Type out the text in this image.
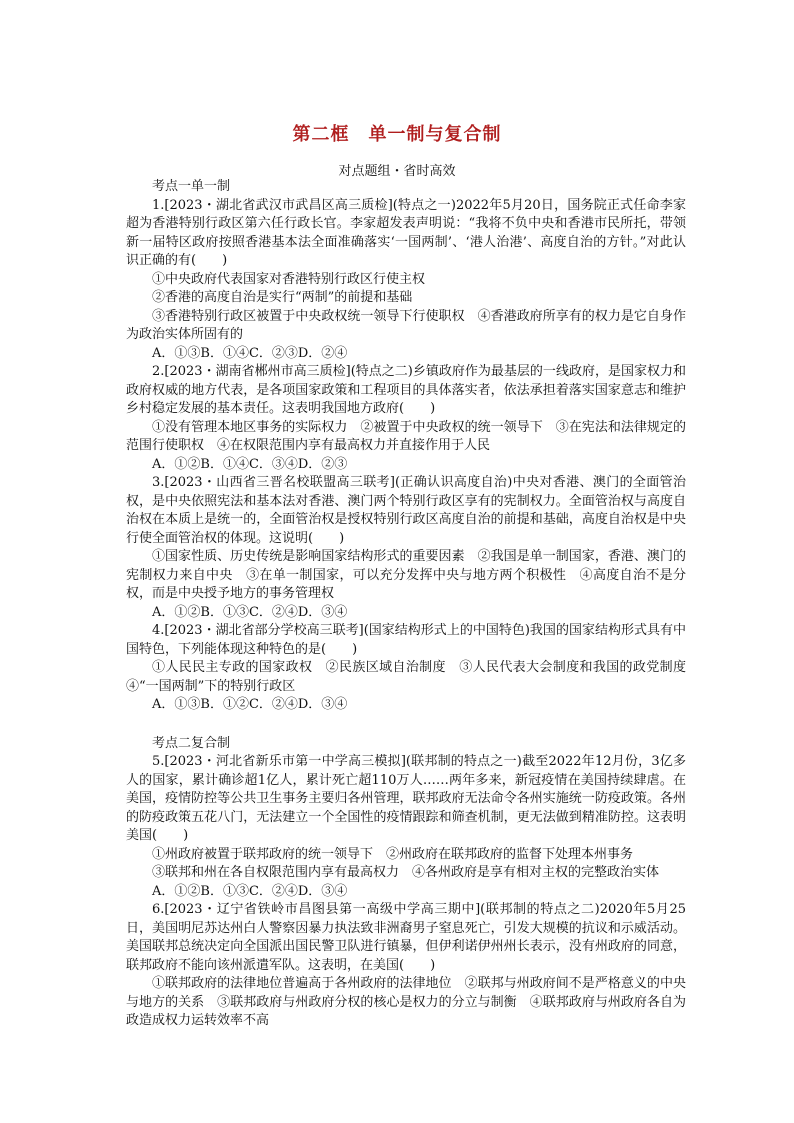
第二框　单一制与复合制
对点题组・省时高效

考点一单一制

1.[2023・湖北省武汉市武昌区高三质检](特点之一)2022年5月20日，国务院正式任命李家超为香港特别行政区第六任行政长官。李家超发表声明说：“我将不负中央和香港市民所托，带领新一届特区政府按照香港基本法全面准确落实‘一国两制’、‘港人治港’、高度自治的方针。”对此认识正确的有(　　)

①中央政府代表国家对香港特别行政区行使主权

②香港的高度自治是实行“两制”的前提和基础

③香港特别行政区被置于中央政权统一领导下行使职权　④香港政府所享有的权力是它自身作为政治实体所固有的

A．①③B．①④C．②③D．②④

2.[2023・湖南省郴州市高三质检](特点之二)乡镇政府作为最基层的一线政府，是国家权力和政府权威的地方代表，是各项国家政策和工程项目的具体落实者，依法承担着落实国家意志和维护乡村稳定发展的基本责任。这表明我国地方政府(　　)

①没有管理本地区事务的实际权力　②被置于中央政权的统一领导下　③在宪法和法律规定的范围行使职权　④在权限范围内享有最高权力并直接作用于人民

A．①②B．①④C．③④D．②③

3.[2023・山西省三晋名校联盟高三联考](正确认识高度自治)中央对香港、澳门的全面管治权，是中央依照宪法和基本法对香港、澳门两个特别行政区享有的宪制权力。全面管治权与高度自治权在本质上是统一的，全面管治权是授权特别行政区高度自治的前提和基础，高度自治权是中央行使全面管治权的体现。这说明(　　)

①国家性质、历史传统是影响国家结构形式的重要因素　②我国是单一制国家，香港、澳门的宪制权力来自中央　③在单一制国家，可以充分发挥中央与地方两个积极性　④高度自治不是分权，而是中央授予地方的事务管理权

A．①②B．①③C．②④D．③④

4.[2023・湖北省部分学校高三联考](国家结构形式上的中国特色)我国的国家结构形式具有中国特色，下列能体现这种特色的是(　　)

①人民民主专政的国家政权　②民族区域自治制度　③人民代表大会制度和我国的政党制度　④“一国两制”下的特别行政区

A．①③B．①②C．②④D．③④

考点二复合制

5.[2023・河北省新乐市第一中学高三模拟](联邦制的特点之一)截至2022年12月份，3亿多人的国家，累计确诊超1亿人，累计死亡超110万人……两年多来，新冠疫情在美国持续肆虐。在美国，疫情防控等公共卫生事务主要归各州管理，联邦政府无法命令各州实施统一防疫政策。各州的防疫政策五花八门，无法建立一个全国性的疫情跟踪和筛查机制，更无法做到精准防控。这表明美国(　　)

①州政府被置于联邦政府的统一领导下　②州政府在联邦政府的监督下处理本州事务

③联邦和州在各自权限范围内享有最高权力　④各州政府是享有相对主权的完整政治实体

A．①②B．①③C．②④D．③④

6.[2023・辽宁省铁岭市昌图县第一高级中学高三期中](联邦制的特点之二)2020年5月25日，美国明尼苏达州白人警察因暴力执法致非洲裔男子窒息死亡，引发大规模的抗议和示威活动。美国联邦总统决定向全国派出国民警卫队进行镇暴，但伊利诺伊州州长表示，没有州政府的同意，联邦政府不能向该州派遣军队。这表明，在美国(　　)

①联邦政府的法律地位普遍高于各州政府的法律地位　②联邦与州政府间不是严格意义的中央与地方的关系　③联邦政府与州政府分权的核心是权力的分立与制衡　④联邦政府与州政府各自为政造成权力运转效率不高
